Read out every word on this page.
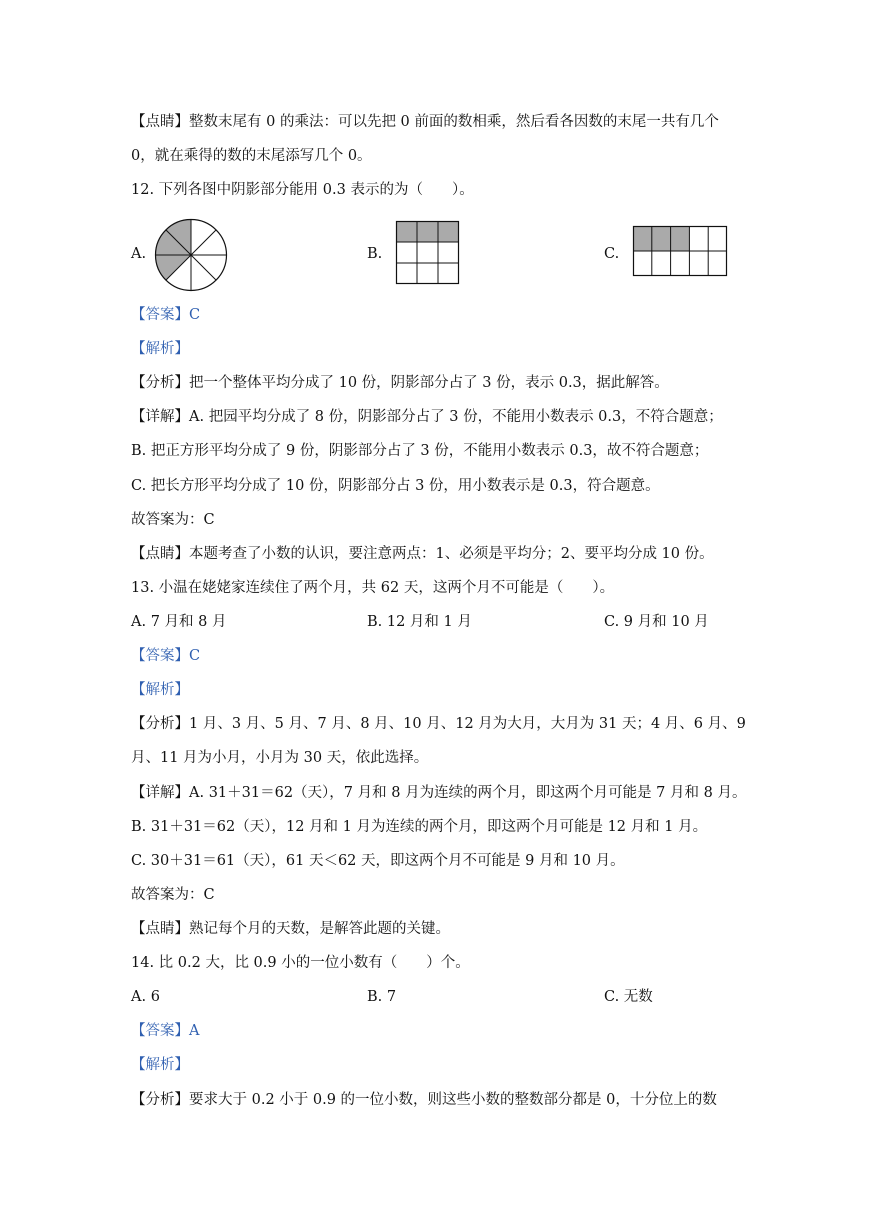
【点睛】整数末尾有 0 的乘法：可以先把 0 前面的数相乘，然后看各因数的末尾一共有几个
0，就在乘得的数的末尾添写几个 0。
12. 下列各图中阴影部分能用 0.3 表示的为（　　）。
A.	B.	C.
【答案】C
【解析】
【分析】把一个整体平均分成了 10 份，阴影部分占了 3 份，表示 0.3，据此解答。
【详解】A. 把园平均分成了 8 份，阴影部分占了 3 份，不能用小数表示 0.3，不符合题意；
B. 把正方形平均分成了 9 份，阴影部分占了 3 份，不能用小数表示 0.3，故不符合题意；
C. 把长方形平均分成了 10 份，阴影部分占 3 份，用小数表示是 0.3，符合题意。
故答案为：C
【点睛】本题考查了小数的认识，要注意两点：1、必须是平均分；2、要平均分成 10 份。
13. 小温在姥姥家连续住了两个月，共 62 天，这两个月不可能是（　　）。
A. 7 月和 8 月	B. 12 月和 1 月	C. 9 月和 10 月
【答案】C
【解析】
【分析】1 月、3 月、5 月、7 月、8 月、10 月、12 月为大月，大月为 31 天；4 月、6 月、9
月、11 月为小月，小月为 30 天，依此选择。
【详解】A. 31＋31＝62（天），7 月和 8 月为连续的两个月，即这两个月可能是 7 月和 8 月。
B. 31＋31＝62（天），12 月和 1 月为连续的两个月，即这两个月可能是 12 月和 1 月。
C. 30＋31＝61（天），61 天＜62 天，即这两个月不可能是 9 月和 10 月。
故答案为：C
【点睛】熟记每个月的天数，是解答此题的关键。
14. 比 0.2 大，比 0.9 小的一位小数有（　　）个。
A. 6	B. 7	C. 无数
【答案】A
【解析】
【分析】要求大于 0.2 小于 0.9 的一位小数，则这些小数的整数部分都是 0，十分位上的数
